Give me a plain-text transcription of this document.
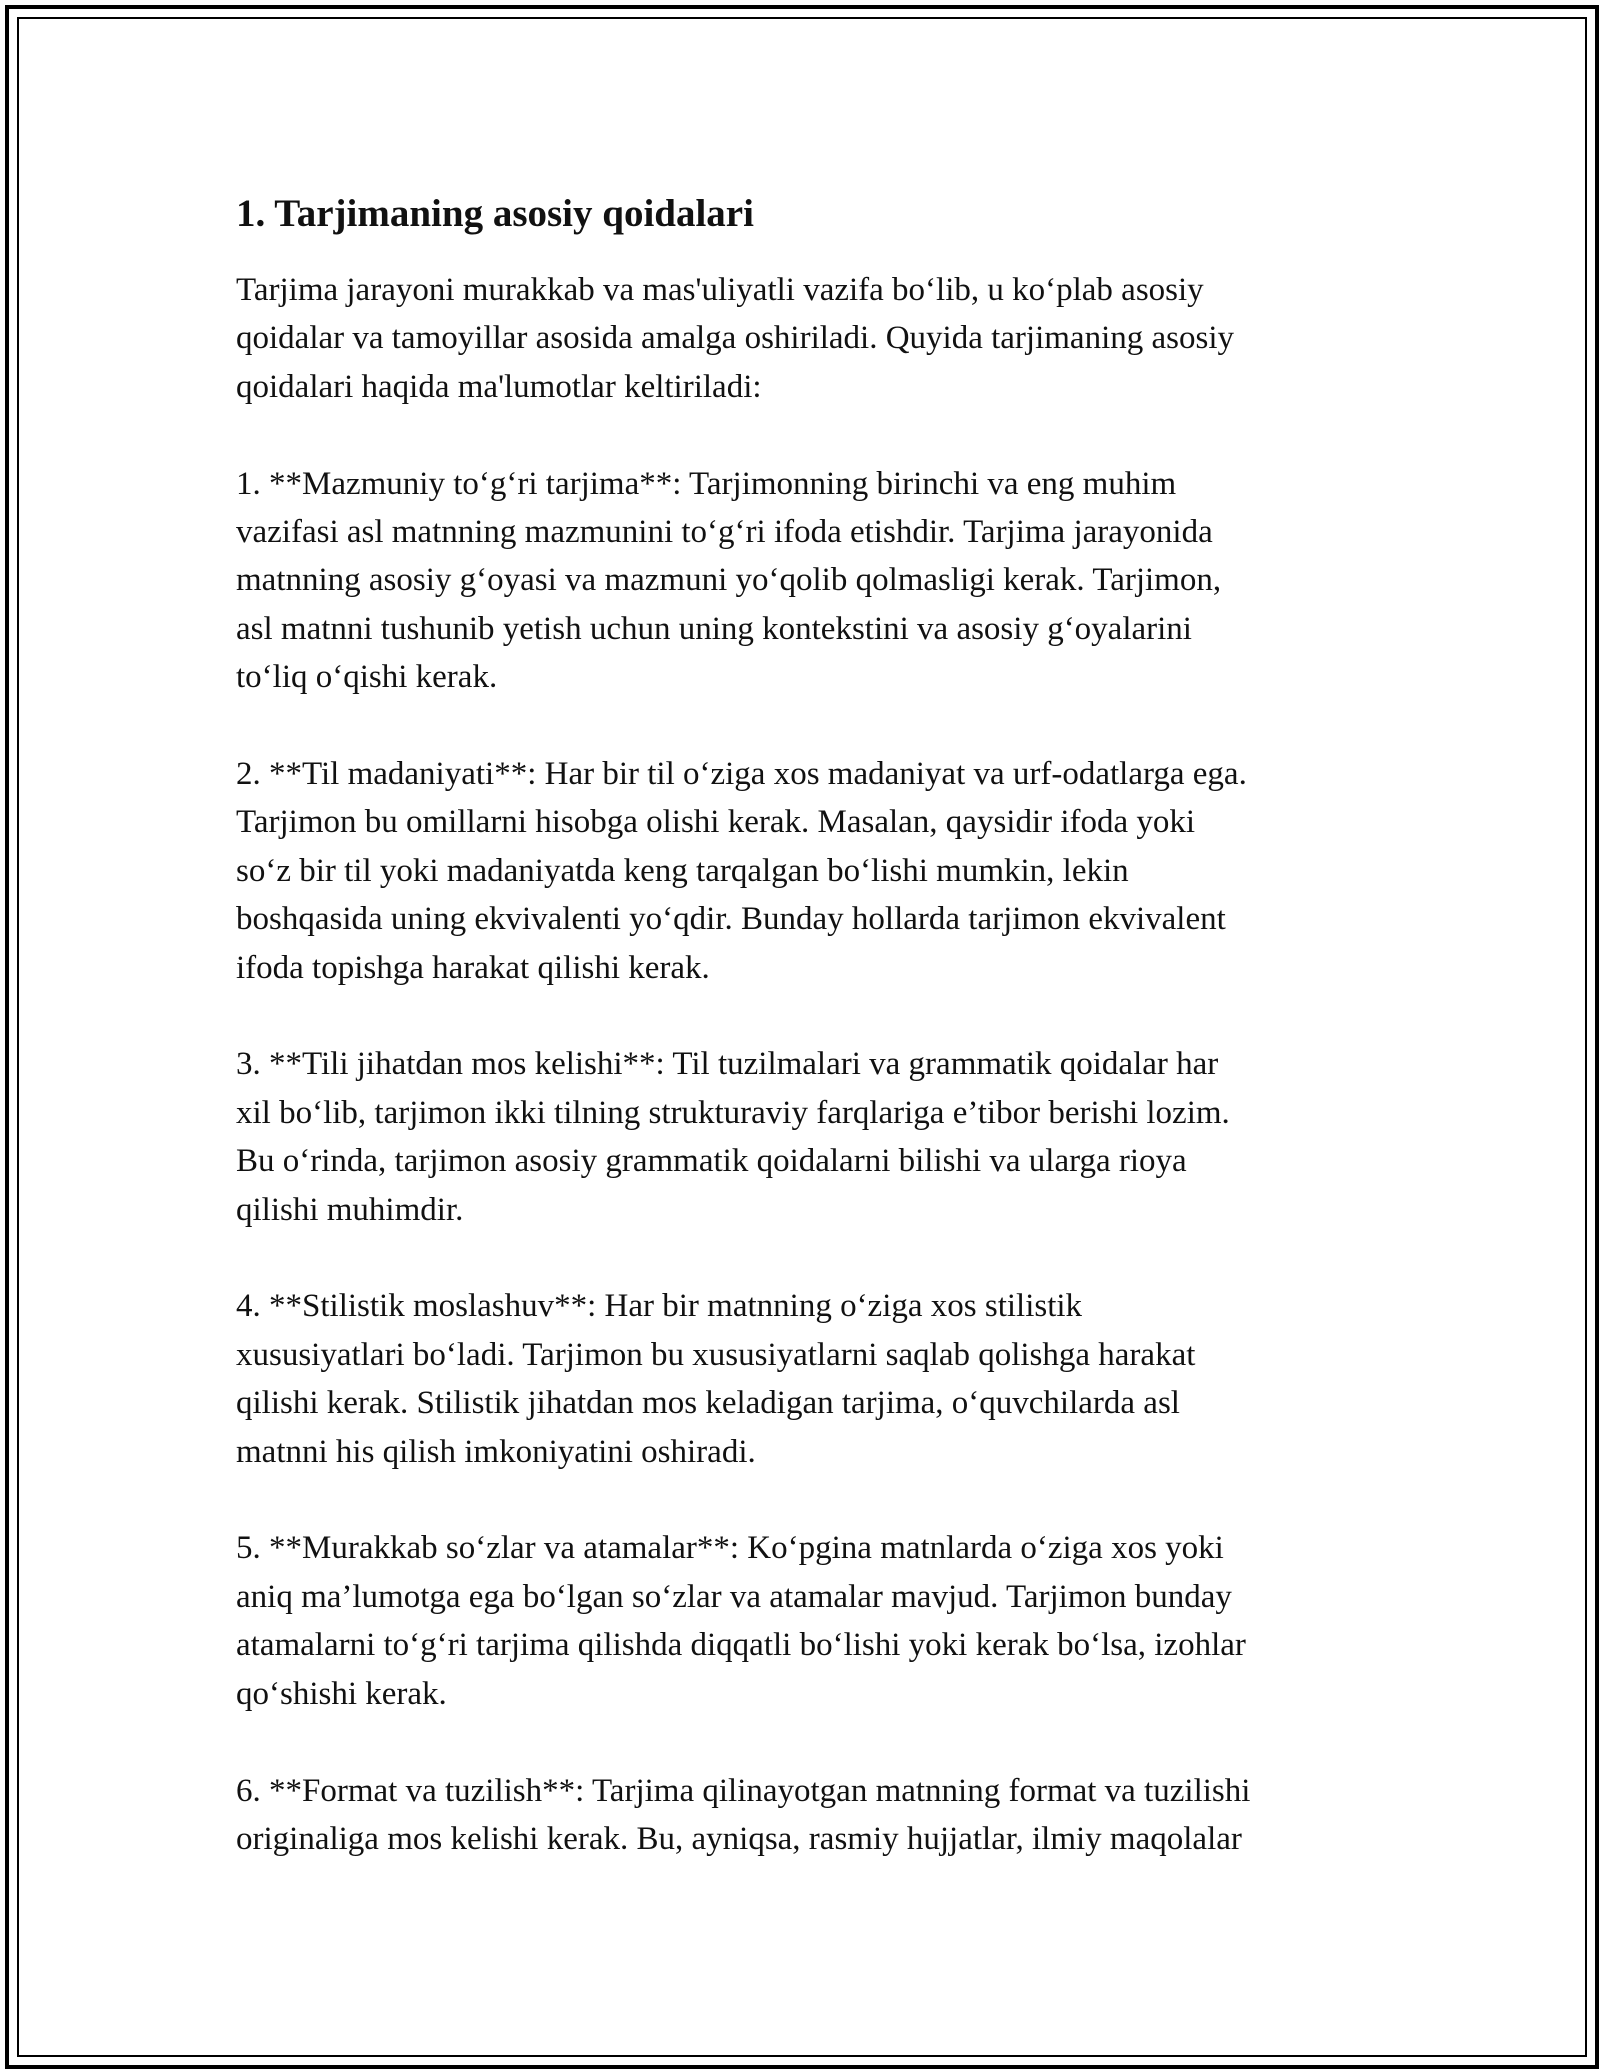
1. Tarjimaning asosiy qoidalari
Tarjima jarayoni murakkab va mas'uliyatli vazifa bo‘lib, u ko‘plab asosiy
qoidalar va tamoyillar asosida amalga oshiriladi. Quyida tarjimaning asosiy
qoidalari haqida ma'lumotlar keltiriladi:
1. **Mazmuniy to‘g‘ri tarjima**: Tarjimonning birinchi va eng muhim
vazifasi asl matnning mazmunini to‘g‘ri ifoda etishdir. Tarjima jarayonida
matnning asosiy g‘oyasi va mazmuni yo‘qolib qolmasligi kerak. Tarjimon,
asl matnni tushunib yetish uchun uning kontekstini va asosiy g‘oyalarini
to‘liq o‘qishi kerak.
2. **Til madaniyati**: Har bir til o‘ziga xos madaniyat va urf-odatlarga ega.
Tarjimon bu omillarni hisobga olishi kerak. Masalan, qaysidir ifoda yoki
so‘z bir til yoki madaniyatda keng tarqalgan bo‘lishi mumkin, lekin
boshqasida uning ekvivalenti yo‘qdir. Bunday hollarda tarjimon ekvivalent
ifoda topishga harakat qilishi kerak.
3. **Tili jihatdan mos kelishi**: Til tuzilmalari va grammatik qoidalar har
xil bo‘lib, tarjimon ikki tilning strukturaviy farqlariga e’tibor berishi lozim.
Bu o‘rinda, tarjimon asosiy grammatik qoidalarni bilishi va ularga rioya
qilishi muhimdir.
4. **Stilistik moslashuv**: Har bir matnning o‘ziga xos stilistik
xususiyatlari bo‘ladi. Tarjimon bu xususiyatlarni saqlab qolishga harakat
qilishi kerak. Stilistik jihatdan mos keladigan tarjima, o‘quvchilarda asl
matnni his qilish imkoniyatini oshiradi.
5. **Murakkab so‘zlar va atamalar**: Ko‘pgina matnlarda o‘ziga xos yoki
aniq ma’lumotga ega bo‘lgan so‘zlar va atamalar mavjud. Tarjimon bunday
atamalarni to‘g‘ri tarjima qilishda diqqatli bo‘lishi yoki kerak bo‘lsa, izohlar
qo‘shishi kerak.
6. **Format va tuzilish**: Tarjima qilinayotgan matnning format va tuzilishi
originaliga mos kelishi kerak. Bu, ayniqsa, rasmiy hujjatlar, ilmiy maqolalar
